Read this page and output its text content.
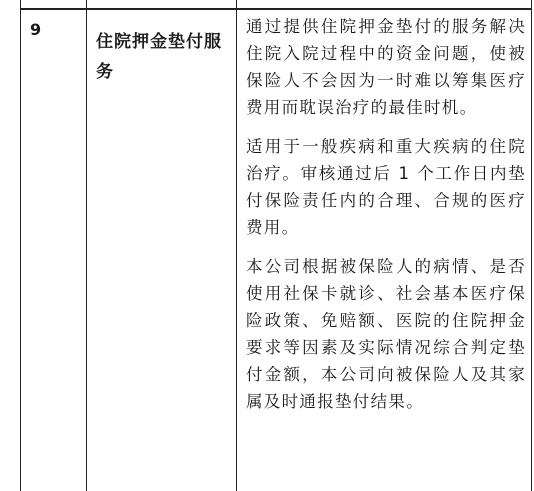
9
住院押金垫付服务

通过提供住院押金垫付的服务解决住院入院过程中的资金问题，使被保险人不会因为一时难以筹集医疗费用而耽误治疗的最佳时机。

适用于一般疾病和重大疾病的住院治疗。审核通过后 1 个工作日内垫付保险责任内的合理、合规的医疗费用。

本公司根据被保险人的病情、是否使用社保卡就诊、社会基本医疗保险政策、免赔额、医院的住院押金要求等因素及实际情况综合判定垫付金额，本公司向被保险人及其家属及时通报垫付结果。
